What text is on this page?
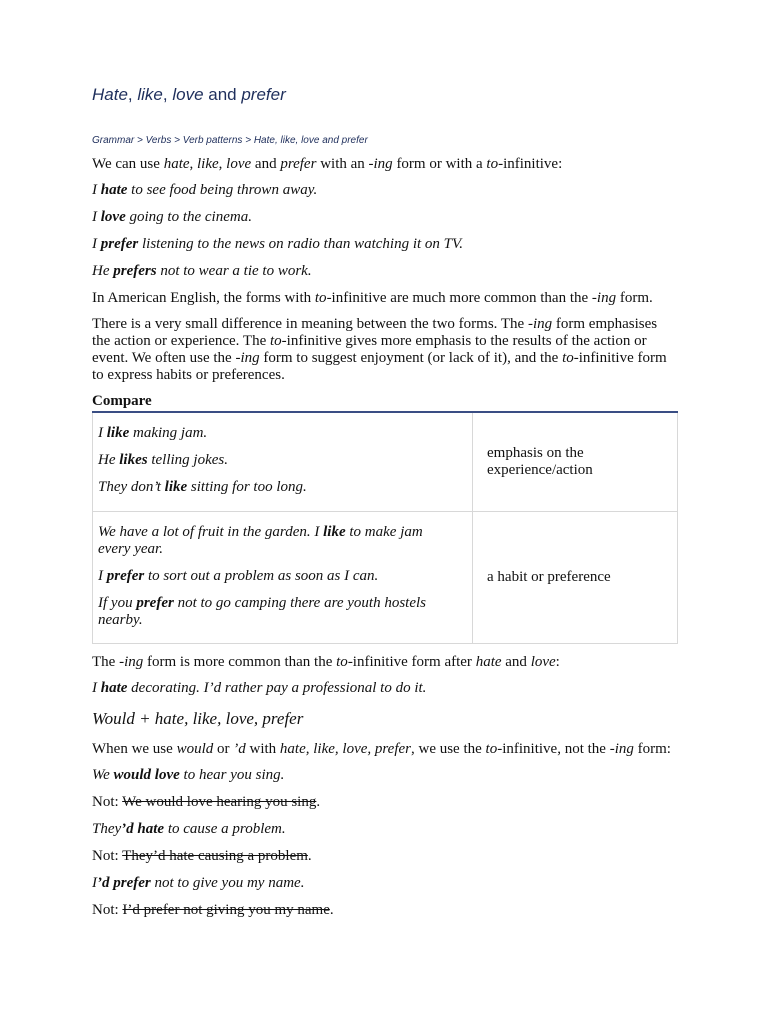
Hate, like, love and prefer
Grammar > Verbs > Verb patterns > Hate, like, love and prefer

We can use hate, like, love and prefer with an -ing form or with a to-infinitive:

I hate to see food being thrown away.

I love going to the cinema.

I prefer listening to the news on radio than watching it on TV.

He prefers not to wear a tie to work.

In American English, the forms with to-infinitive are much more common than the -ing form.

There is a very small difference in meaning between the two forms. The -ing form emphasises the action or experience. The to-infinitive gives more emphasis to the results of the action or event. We often use the -ing form to suggest enjoyment (or lack of it), and the to-infinitive form to express habits or preferences.

Compare

I like making jam.

He likes telling jokes.

They don’t like sitting for too long.	emphasis on the experience/action

We have a lot of fruit in the garden. I like to make jam every year.

I prefer to sort out a problem as soon as I can.

If you prefer not to go camping there are youth hostels nearby.	a habit or preference

The -ing form is more common than the to-infinitive form after hate and love:

I hate decorating. I’d rather pay a professional to do it.

Would + hate, like, love, prefer

When we use would or ’d with hate, like, love, prefer, we use the to-infinitive, not the -ing form:

We would love to hear you sing.

Not: We would love hearing you sing.

They’d hate to cause a problem.

Not: They’d hate causing a problem.

I’d prefer not to give you my name.

Not: I’d prefer not giving you my name.
